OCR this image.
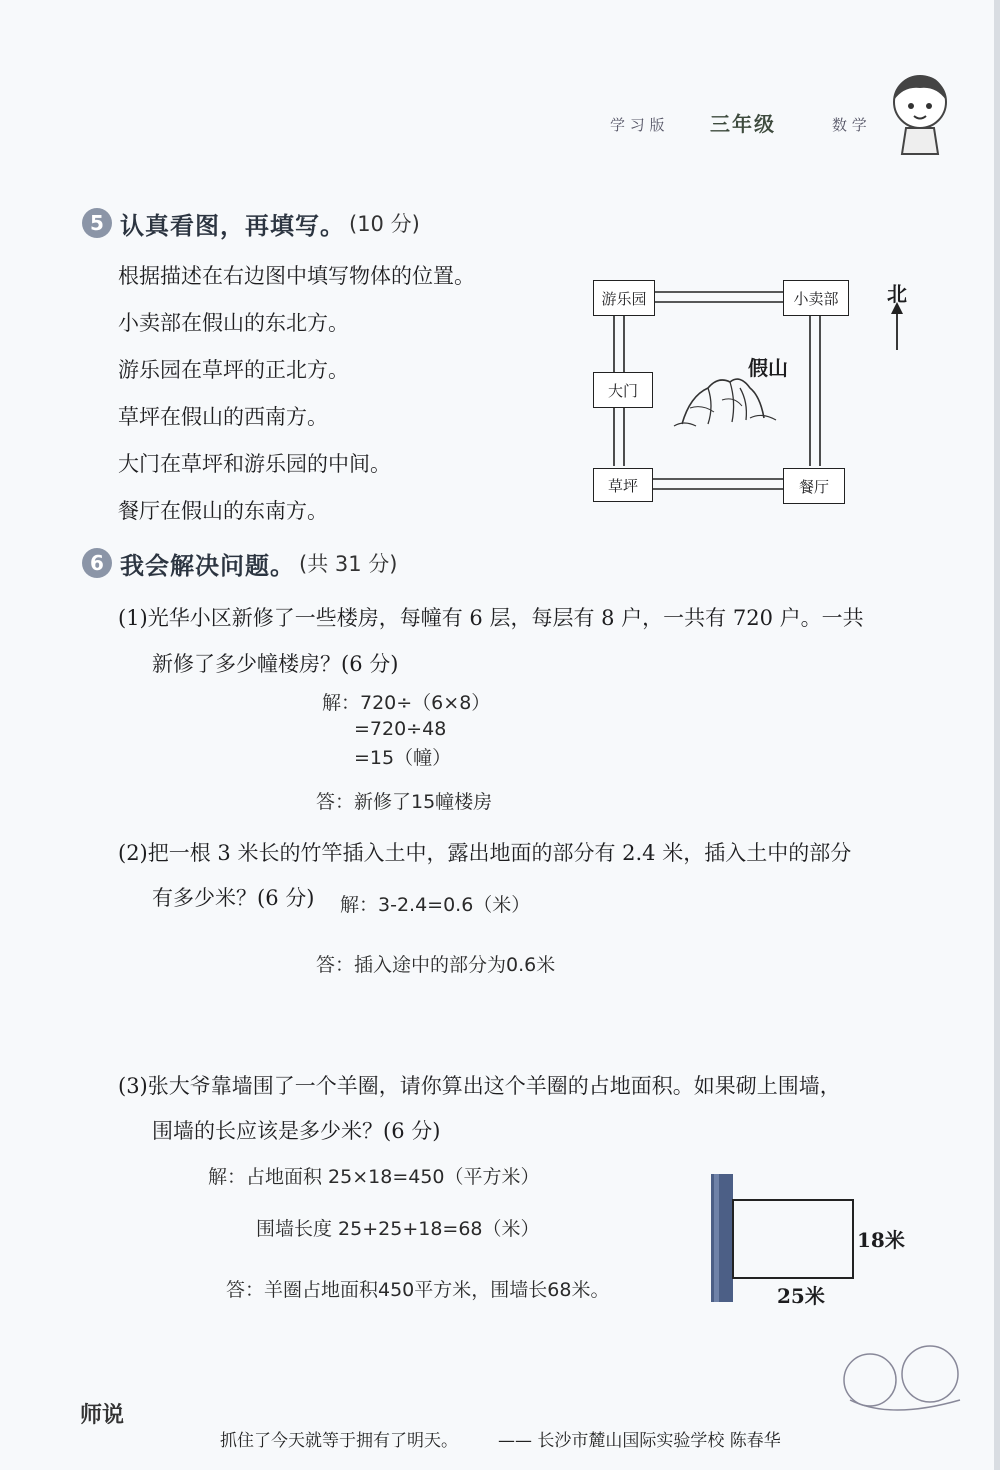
学 习 版 三年级	数 学
5 认真看图，再填写。 (10 分)
根据描述在右边图中填写物体的位置。
小卖部在假山的东北方。
游乐园在草坪的正北方。
草坪在假山的西南方。
大门在草坪和游乐园的中间。
餐厅在假山的东南方。
游乐园	小卖部
大门
草坪	餐厅
假山
北
6 我会解决问题。 (共 31 分)
(1)光华小区新修了一些楼房，每幢有 6 层，每层有 8 户，一共有 720 户。一共
新修了多少幢楼房？(6 分)
解：720÷（6×8）
=720÷48
=15（幢）
答：新修了15幢楼房
(2)把一根 3 米长的竹竿插入土中，露出地面的部分有 2.4 米，插入土中的部分
有多少米？(6 分) 解：3-2.4=0.6（米）
答：插入途中的部分为0.6米
(3)张大爷靠墙围了一个羊圈，请你算出这个羊圈的占地面积。如果砌上围墙，
围墙的长应该是多少米？(6 分)
解：占地面积 25×18=450（平方米）
围墙长度 25+25+18=68（米）
答：羊圈占地面积450平方米，围墙长68米。
18米
25米
师说
抓住了今天就等于拥有了明天。 —— 长沙市麓山国际实验学校 陈春华
